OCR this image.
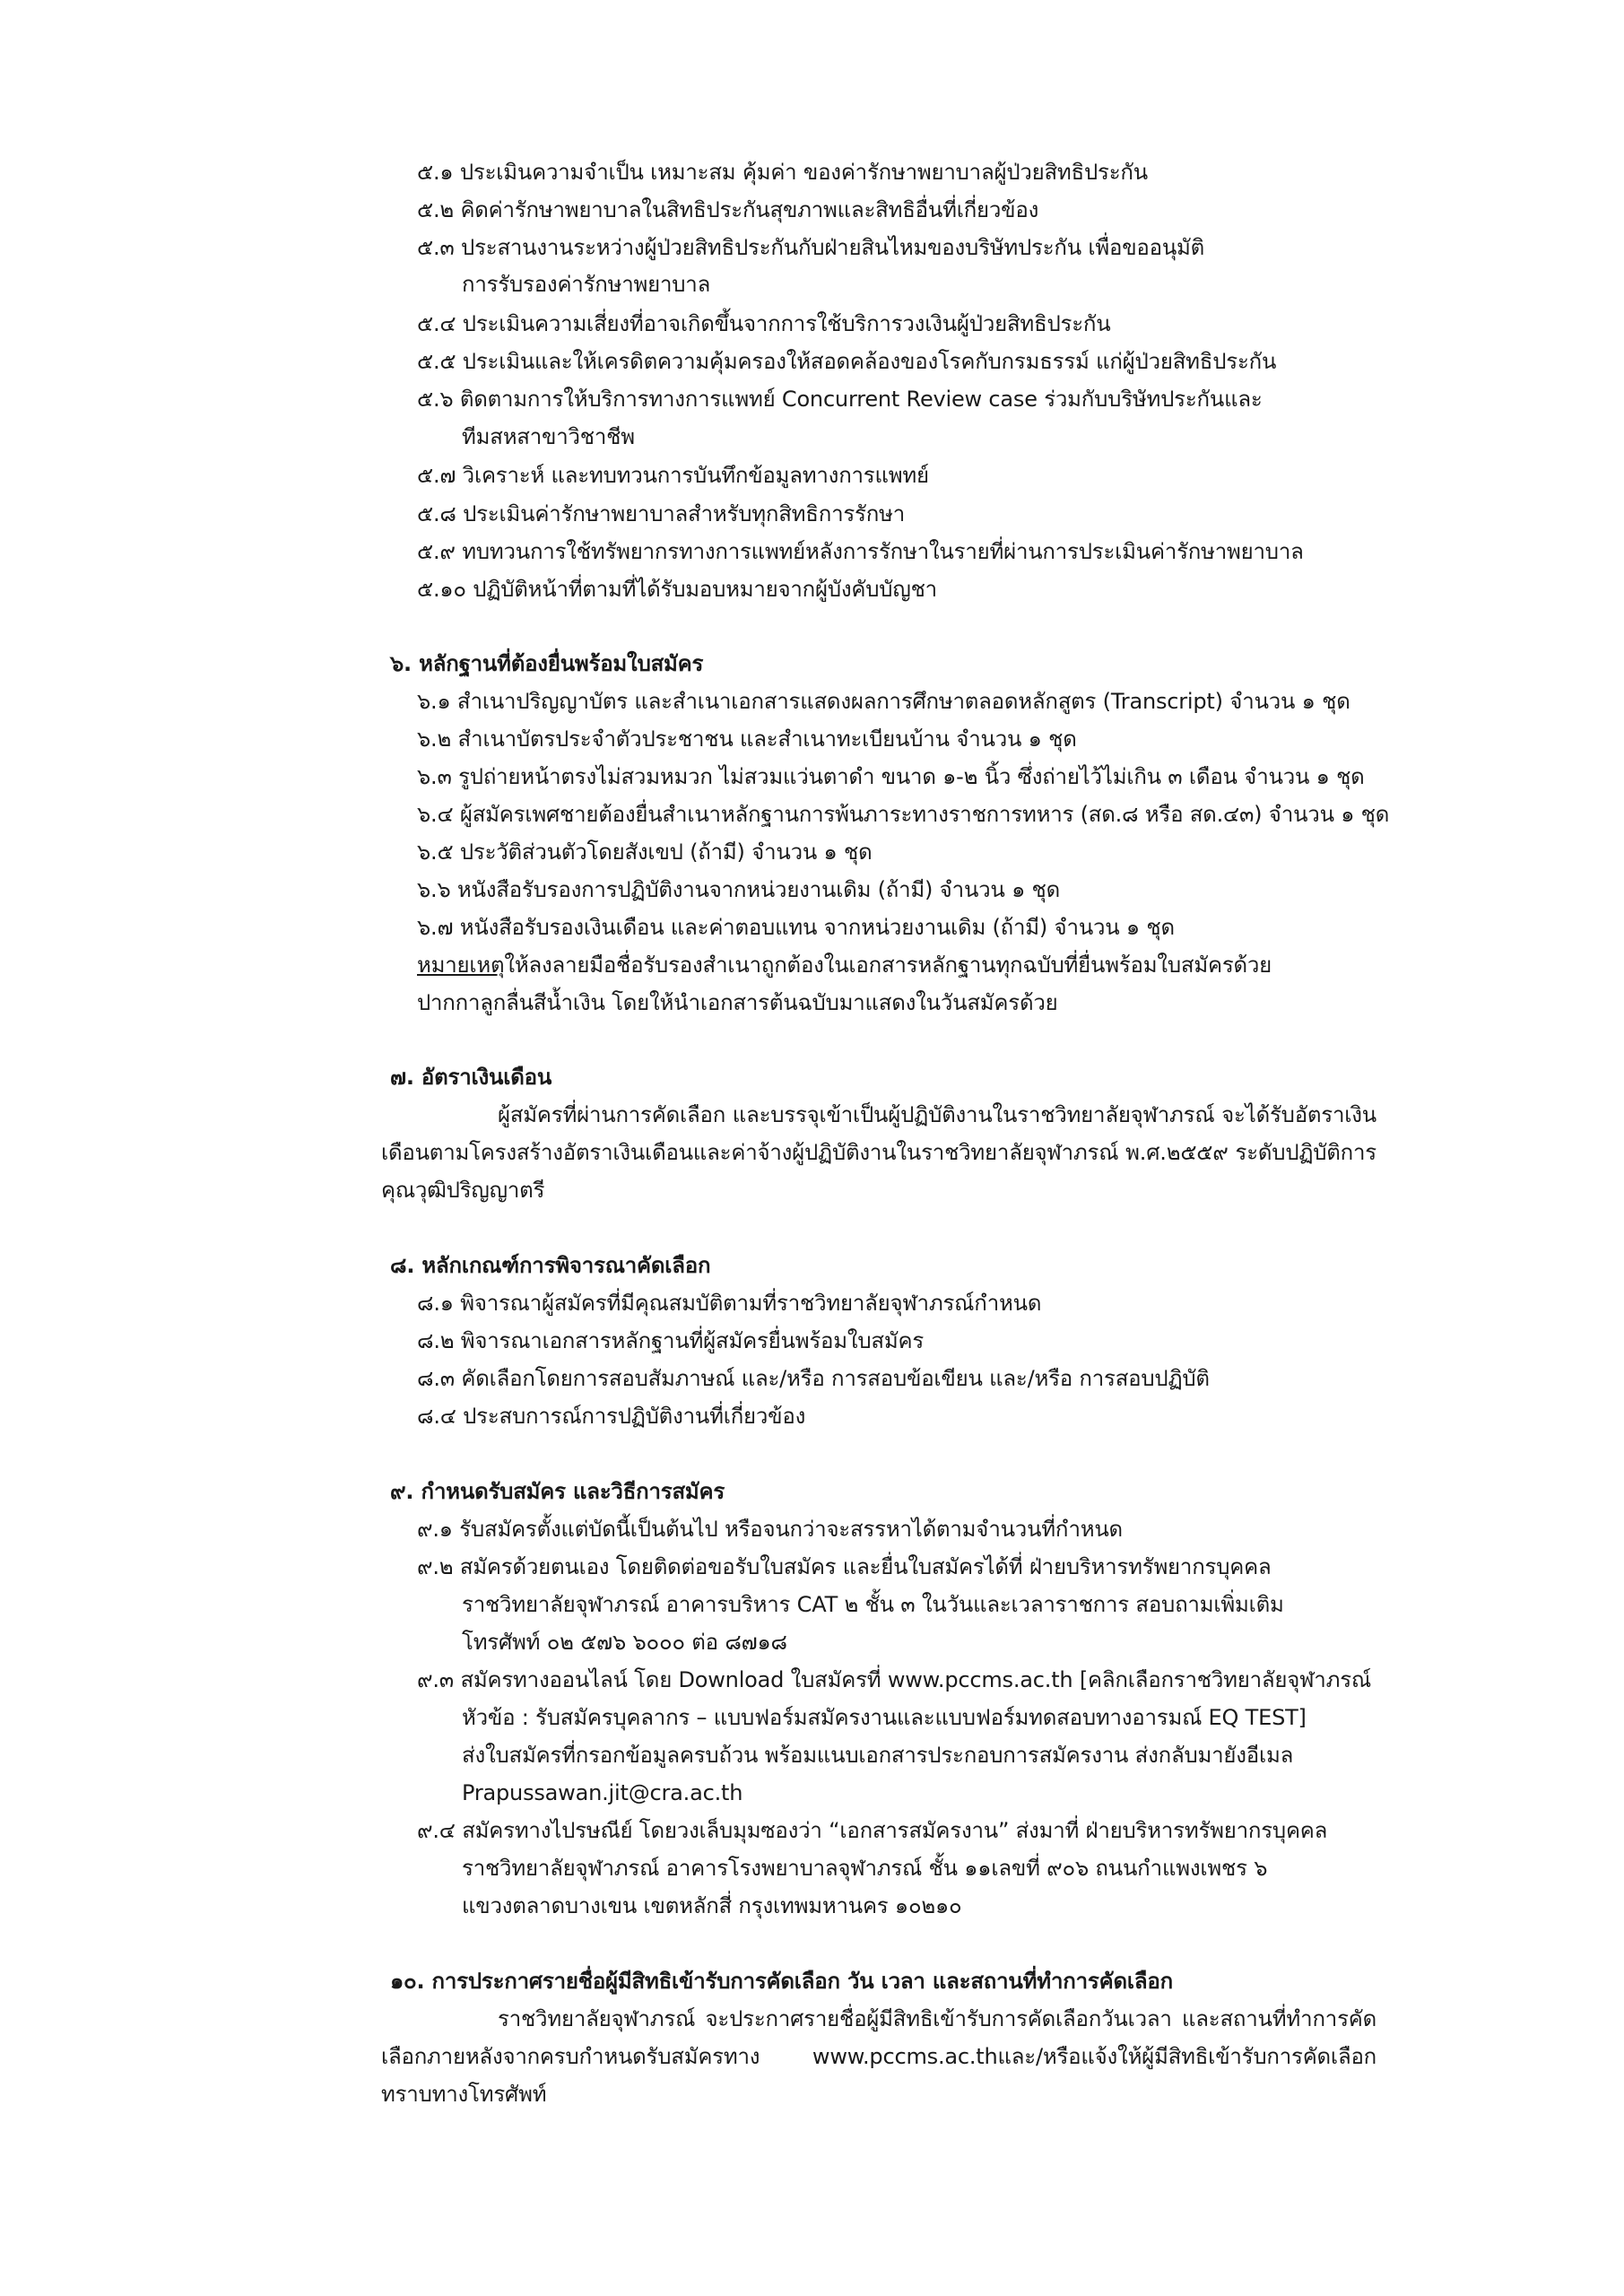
๕.๑ ประเมินความจำเป็น เหมาะสม คุ้มค่า ของค่ารักษาพยาบาลผู้ป่วยสิทธิประกัน
๕.๒ คิดค่ารักษาพยาบาลในสิทธิประกันสุขภาพและสิทธิอื่นที่เกี่ยวข้อง
๕.๓ ประสานงานระหว่างผู้ป่วยสิทธิประกันกับฝ่ายสินไหมของบริษัทประกัน เพื่อขออนุมัติ
การรับรองค่ารักษาพยาบาล
๕.๔ ประเมินความเสี่ยงที่อาจเกิดขึ้นจากการใช้บริการวงเงินผู้ป่วยสิทธิประกัน
๕.๕ ประเมินและให้เครดิตความคุ้มครองให้สอดคล้องของโรคกับกรมธรรม์ แก่ผู้ป่วยสิทธิประกัน
๕.๖ ติดตามการให้บริการทางการแพทย์ Concurrent Review case ร่วมกับบริษัทประกันและ
ทีมสหสาขาวิชาชีพ
๕.๗ วิเคราะห์ และทบทวนการบันทึกข้อมูลทางการแพทย์
๕.๘ ประเมินค่ารักษาพยาบาลสำหรับทุกสิทธิการรักษา
๕.๙ ทบทวนการใช้ทรัพยากรทางการแพทย์หลังการรักษาในรายที่ผ่านการประเมินค่ารักษาพยาบาล
๕.๑๐ ปฏิบัติหน้าที่ตามที่ได้รับมอบหมายจากผู้บังคับบัญชา
๖. หลักฐานที่ต้องยื่นพร้อมใบสมัคร
๖.๑ สำเนาปริญญาบัตร และสำเนาเอกสารแสดงผลการศึกษาตลอดหลักสูตร (Transcript) จำนวน ๑ ชุด
๖.๒ สำเนาบัตรประจำตัวประชาชน และสำเนาทะเบียนบ้าน จำนวน ๑ ชุด
๖.๓ รูปถ่ายหน้าตรงไม่สวมหมวก ไม่สวมแว่นตาดำ ขนาด ๑-๒ นิ้ว ซึ่งถ่ายไว้ไม่เกิน ๓ เดือน จำนวน ๑ ชุด
๖.๔ ผู้สมัครเพศชายต้องยื่นสำเนาหลักฐานการพ้นภาระทางราชการทหาร (สด.๘ หรือ สด.๔๓) จำนวน ๑ ชุด
๖.๕ ประวัติส่วนตัวโดยสังเขป (ถ้ามี) จำนวน ๑ ชุด
๖.๖ หนังสือรับรองการปฏิบัติงานจากหน่วยงานเดิม (ถ้ามี) จำนวน ๑ ชุด
๖.๗ หนังสือรับรองเงินเดือน และค่าตอบแทน จากหน่วยงานเดิม (ถ้ามี) จำนวน ๑ ชุด
หมายเหตุให้ลงลายมือชื่อรับรองสำเนาถูกต้องในเอกสารหลักฐานทุกฉบับที่ยื่นพร้อมใบสมัครด้วย
ปากกาลูกลื่นสีน้ำเงิน โดยให้นำเอกสารต้นฉบับมาแสดงในวันสมัครด้วย
๗. อัตราเงินเดือน
ผู้สมัครที่ผ่านการคัดเลือก และบรรจุเข้าเป็นผู้ปฏิบัติงานในราชวิทยาลัยจุฬาภรณ์ จะได้รับอัตราเงิน
เดือนตามโครงสร้างอัตราเงินเดือนและค่าจ้างผู้ปฏิบัติงานในราชวิทยาลัยจุฬาภรณ์ พ.ศ.๒๕๕๙ ระดับปฏิบัติการ
คุณวุฒิปริญญาตรี
๘. หลักเกณฑ์การพิจารณาคัดเลือก
๘.๑ พิจารณาผู้สมัครที่มีคุณสมบัติตามที่ราชวิทยาลัยจุฬาภรณ์กำหนด
๘.๒ พิจารณาเอกสารหลักฐานที่ผู้สมัครยื่นพร้อมใบสมัคร
๘.๓ คัดเลือกโดยการสอบสัมภาษณ์ และ/หรือ การสอบข้อเขียน และ/หรือ การสอบปฏิบัติ
๘.๔ ประสบการณ์การปฏิบัติงานที่เกี่ยวข้อง
๙. กำหนดรับสมัคร และวิธีการสมัคร
๙.๑ รับสมัครตั้งแต่บัดนี้เป็นต้นไป หรือจนกว่าจะสรรหาได้ตามจำนวนที่กำหนด
๙.๒ สมัครด้วยตนเอง โดยติดต่อขอรับใบสมัคร และยื่นใบสมัครได้ที่ ฝ่ายบริหารทรัพยากรบุคคล
ราชวิทยาลัยจุฬาภรณ์ อาคารบริหาร CAT ๒ ชั้น ๓ ในวันและเวลาราชการ สอบถามเพิ่มเติม
โทรศัพท์ ๐๒ ๕๗๖ ๖๐๐๐ ต่อ ๘๗๑๘
๙.๓ สมัครทางออนไลน์ โดย Download ใบสมัครที่ www.pccms.ac.th [คลิกเลือกราชวิทยาลัยจุฬาภรณ์
หัวข้อ : รับสมัครบุคลากร – แบบฟอร์มสมัครงานและแบบฟอร์มทดสอบทางอารมณ์ EQ TEST]
ส่งใบสมัครที่กรอกข้อมูลครบถ้วน พร้อมแนบเอกสารประกอบการสมัครงาน ส่งกลับมายังอีเมล
Prapussawan.jit@cra.ac.th
๙.๔ สมัครทางไปรษณีย์ โดยวงเล็บมุมซองว่า “เอกสารสมัครงาน” ส่งมาที่ ฝ่ายบริหารทรัพยากรบุคคล
ราชวิทยาลัยจุฬาภรณ์ อาคารโรงพยาบาลจุฬาภรณ์ ชั้น ๑๑เลขที่ ๙๐๖ ถนนกำแพงเพชร ๖
แขวงตลาดบางเขน เขตหลักสี่ กรุงเทพมหานคร ๑๐๒๑๐
๑๐. การประกาศรายชื่อผู้มีสิทธิเข้ารับการคัดเลือก วัน เวลา และสถานที่ทำการคัดเลือก
ราชวิทยาลัยจุฬาภรณ์ จะประกาศรายชื่อผู้มีสิทธิเข้ารับการคัดเลือกวันเวลา และสถานที่ทำการคัด
เลือกภายหลังจากครบกำหนดรับสมัครทาง www.pccms.ac.thและ/หรือแจ้งให้ผู้มีสิทธิเข้ารับการคัดเลือก
ทราบทางโทรศัพท์
